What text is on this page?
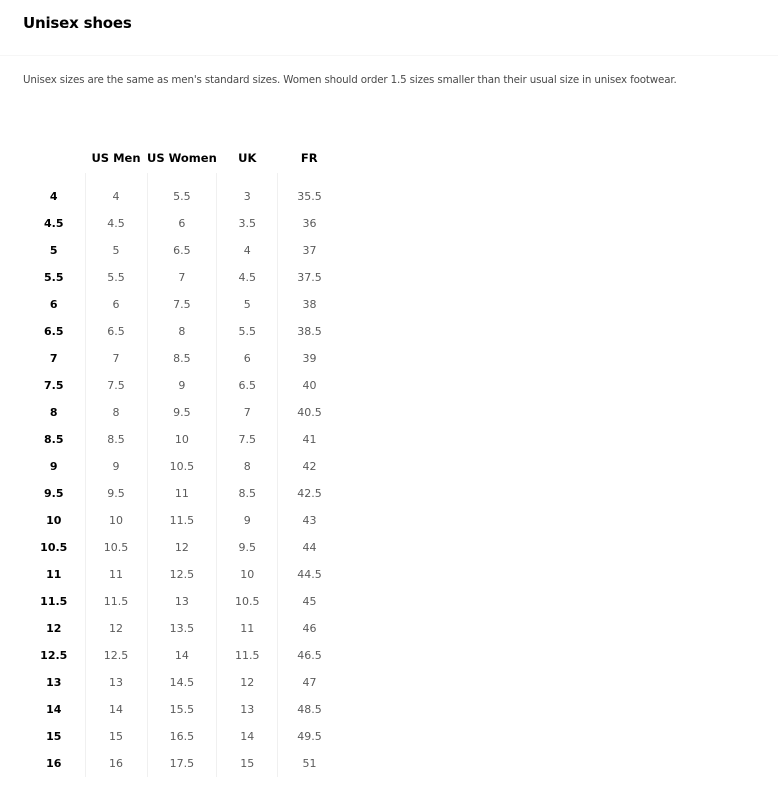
Unisex shoes
Unisex sizes are the same as men's standard sizes. Women should order 1.5 sizes smaller than their usual size in unisex footwear.
	US Men	US Women	UK	FR

4	4	5.5	3	35.5
4.5	4.5	6	3.5	36
5	5	6.5	4	37
5.5	5.5	7	4.5	37.5
6	6	7.5	5	38
6.5	6.5	8	5.5	38.5
7	7	8.5	6	39
7.5	7.5	9	6.5	40
8	8	9.5	7	40.5
8.5	8.5	10	7.5	41
9	9	10.5	8	42
9.5	9.5	11	8.5	42.5
10	10	11.5	9	43
10.5	10.5	12	9.5	44
11	11	12.5	10	44.5
11.5	11.5	13	10.5	45
12	12	13.5	11	46
12.5	12.5	14	11.5	46.5
13	13	14.5	12	47
14	14	15.5	13	48.5
15	15	16.5	14	49.5
16	16	17.5	15	51
